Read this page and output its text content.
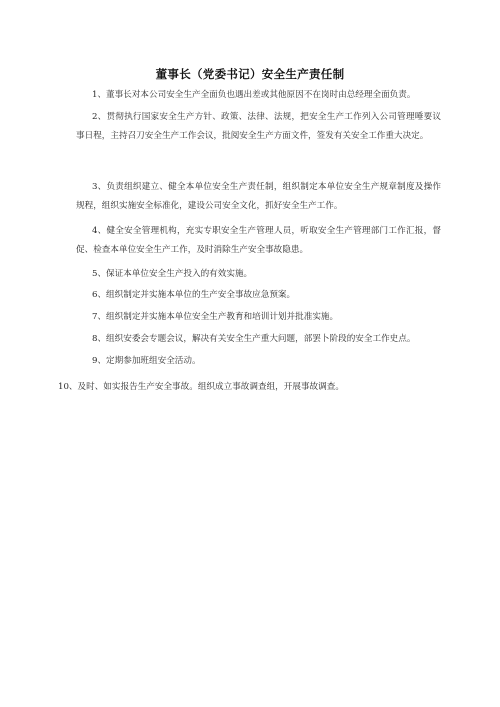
董事长（党委书记）安全生产责任制

1、董事长对本公司安全生产全面负也遇出差或其他原因不在岗时由总经理全面负责。

2、贯彻执行国家安全生产方针、政策、法律、法规，把安全生产工作列入公司管理唾要议事日程，主持召刀安全生产工作会议，批阅安全生产方面文件，签发有关安全工作重大决定。

3、负责组织建立、健全本单位安全生产责任制，组织制定本单位安全生产规章制度及操作规程，组织实施安全标准化，建设公司安全文化，抓好安全生产工作。

4、健全安全管理机构，充实专职安全生产管理人员，听取安全生产管理部门工作汇报，督促、检查本单位安全生产工作，及时消除生产安全事故隐患。

5、保证本单位安全生产投入的有效实施。

6、组织制定并实施本单位的生产安全事故应急预案。

7、组织制定并实施本单位安全生产教育和培训计划并批准实施。

8、组织安委会专题会议，解决有关安全生产重大问题，部罢卜阶段的安全工作史点。

9、定期参加班组安全活动。

10、及时、如实报告生产安全事故。组织成立事故调查组，开展事故调查。
